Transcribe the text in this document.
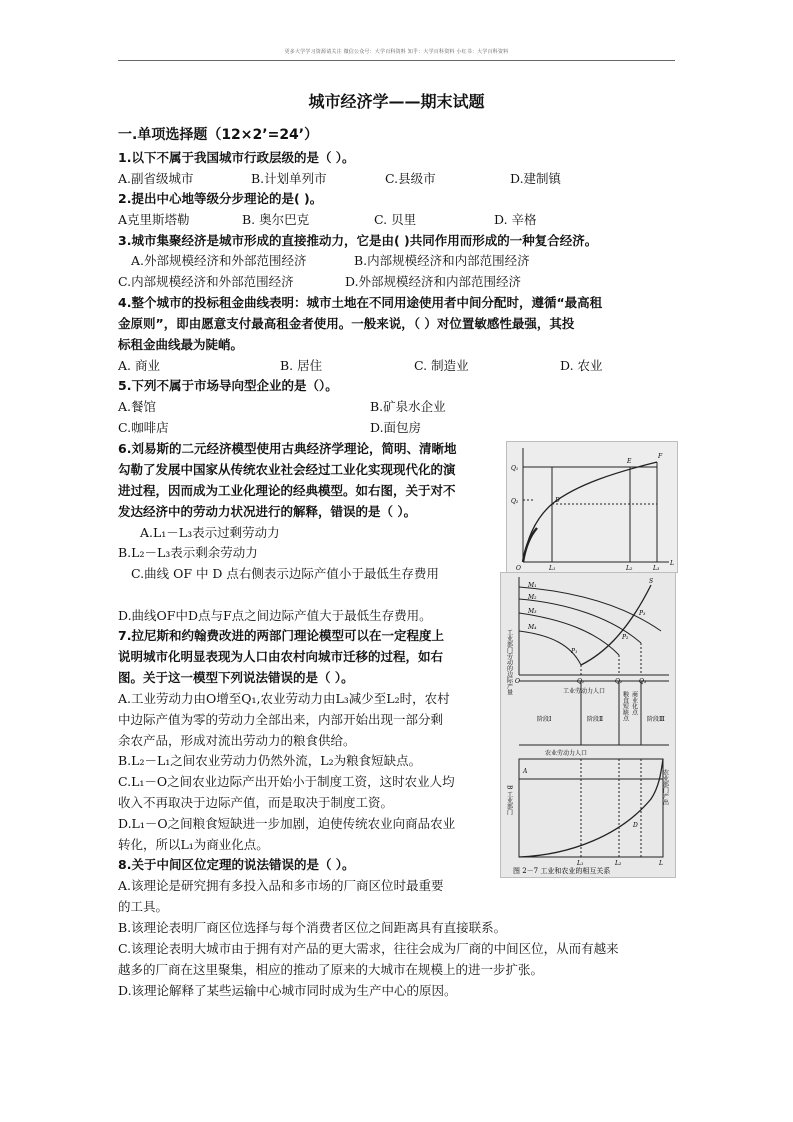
更多大学学习资源请关注 微信公众号：大学百科资料 知乎：大学百科资料 小红书：大学百科资料
城市经济学——期末试题
一.单项选择题（12×2’=24’）
1.以下不属于我国城市行政层级的是（ ）。
A.副省级城市	B.计划单列市	C.县级市	D.建制镇
2.提出中心地等级分步理论的是( )。
A克里斯塔勒	B. 奥尔巴克	C. 贝里	D. 辛格
3.城市集聚经济是城市形成的直接推动力，它是由( )共同作用而形成的一种复合经济。
A.外部规模经济和外部范围经济	B.内部规模经济和内部范围经济
C.内部规模经济和外部范围经济	D.外部规模经济和内部范围经济
4.整个城市的投标租金曲线表明：城市土地在不同用途使用者中间分配时，遵循“最高租
金原则”，即由愿意支付最高租金者使用。一般来说，（ ）对位置敏感性最强，其投
标租金曲线最为陡峭。
A. 商业	B. 居住	C. 制造业	D. 农业
5.下列不属于市场导向型企业的是（）。
A.餐馆	B.矿泉水企业
C.咖啡店	D.面包房
6.刘易斯的二元经济模型使用古典经济学理论，简明、清晰地
勾勒了发展中国家从传统农业社会经过工业化实现现代化的演
进过程，因而成为工业化理论的经典模型。如右图，关于对不
发达经济中的劳动力状况进行的解释，错误的是（ ）。
A.L₁－L₃表示过剩劳动力
B.L₂－L₃表示剩余劳动力
C.曲线 OF 中 D 点右侧表示边际产值小于最低生存费用
D.曲线OF中D点与F点之间边际产值大于最低生存费用。
7.拉尼斯和约翰费改进的两部门理论模型可以在一定程度上
说明城市化明显表现为人口由农村向城市迁移的过程，如右
图。关于这一模型下列说法错误的是（ ）。
A.工业劳动力由O增至Q₁,农业劳动力由L₃减少至L₂时，农村
中边际产值为零的劳动力全部出来，内部开始出现一部分剩
余农产品，形成对流出劳动力的粮食供给。
B.L₂－L₁之间农业劳动力仍然外流，L₂为粮食短缺点。
C.L₁－O之间农业边际产出开始小于制度工资，这时农业人均
收入不再取决于边际产值，而是取决于制度工资。
D.L₁－O之间粮食短缺进一步加剧，迫使传统农业向商品农业
转化，所以L₁为商业化点。
8.关于中间区位定理的说法错误的是（ ）。
A.该理论是研究拥有多投入品和多市场的厂商区位时最重要
的工具。
B.该理论表明厂商区位选择与每个消费者区位之间距离具有直接联系。
C.该理论表明大城市由于拥有对产品的更大需求，往往会成为厂商的中间区位，从而有越来
越多的厂商在这里聚集，相应的推动了原来的大城市在规模上的进一步扩张。
D.该理论解释了某些运输中心城市同时成为生产中心的原因。
Q₁
Q₂
O	L₁	L₂	L₃
L
D
E
F
M₁
M₂
M₃
M₄
S
P₃
P₂
P₁
O	Q₁	Q₂	Q₃
工业部门劳动的边际产量	工业劳动力人口
阶段Ⅰ	阶段Ⅱ	阶段Ⅲ
粮食短缺点 商业化点
农业劳动力人口
B 工业部门	农业部门产出
A
D
L
L₂
L₁
图 2－7 工业和农业的相互关系
